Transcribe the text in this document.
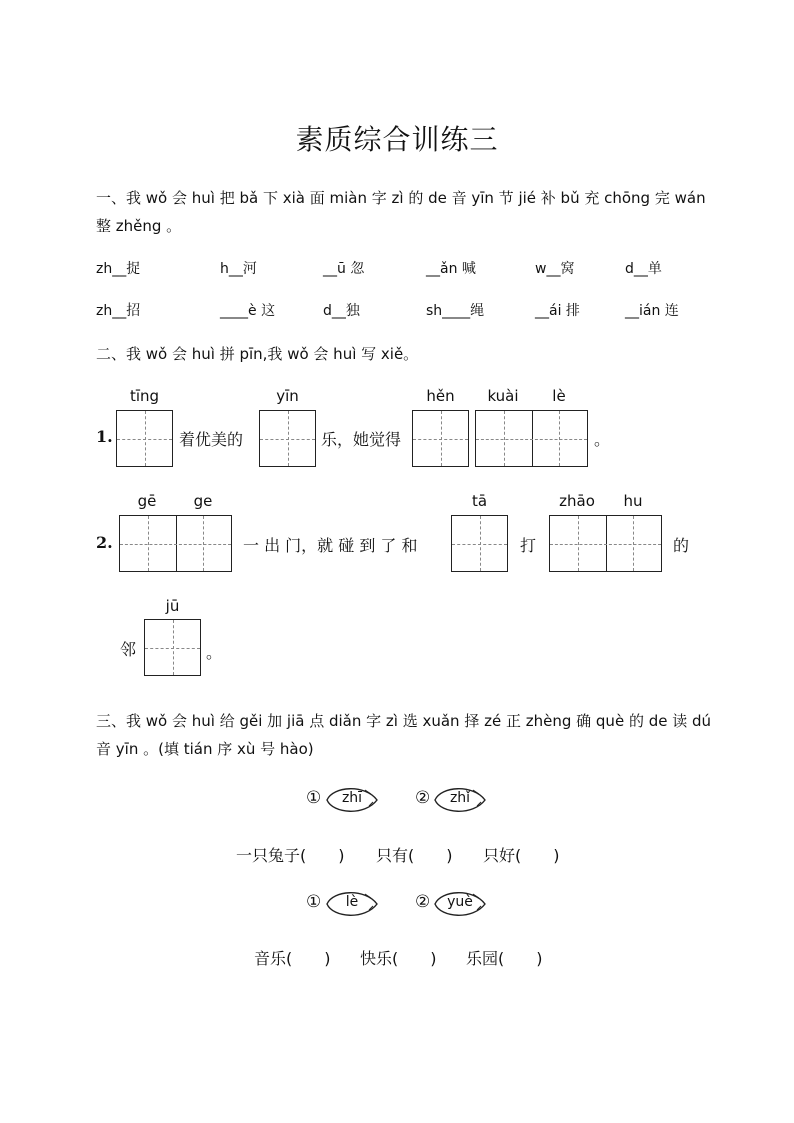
素质综合训练三
一、我 wǒ 会 huì 把 bǎ 下 xià 面 miàn 字 zì 的 de 音 yīn 节 jié 补 bǔ 充 chōng 完 wán
整 zhěng 。
zh__捉	h__河	__ū 忽	__ǎn 喊	w__窝	d__单
zh__招	____è 这	d__独	sh____绳	__ái 排	__ián 连
二、我 wǒ 会 huì 拼 pīn,我 wǒ 会 huì 写 xiě。
1.
tīng
着优美的
yīn
乐，她觉得
hěn	kuài	lè
。
2.
gē	ge
一 出 门，就 碰 到 了 和
tā
打
zhāo	hu
的
jū
邻	。
三、我 wǒ 会 huì 给 gěi 加 jiā 点 diǎn 字 zì 选 xuǎn 择 zé 正 zhèng 确 què 的 de 读 dú
音 yīn 。(填 tián 序 xù 号 hào)
①	zhī	②	zhǐ
一只兔子(　　) 只有(　　) 只好(　　)
①	lè	②	yuè
音乐(　　) 快乐(　　) 乐园(　　)
